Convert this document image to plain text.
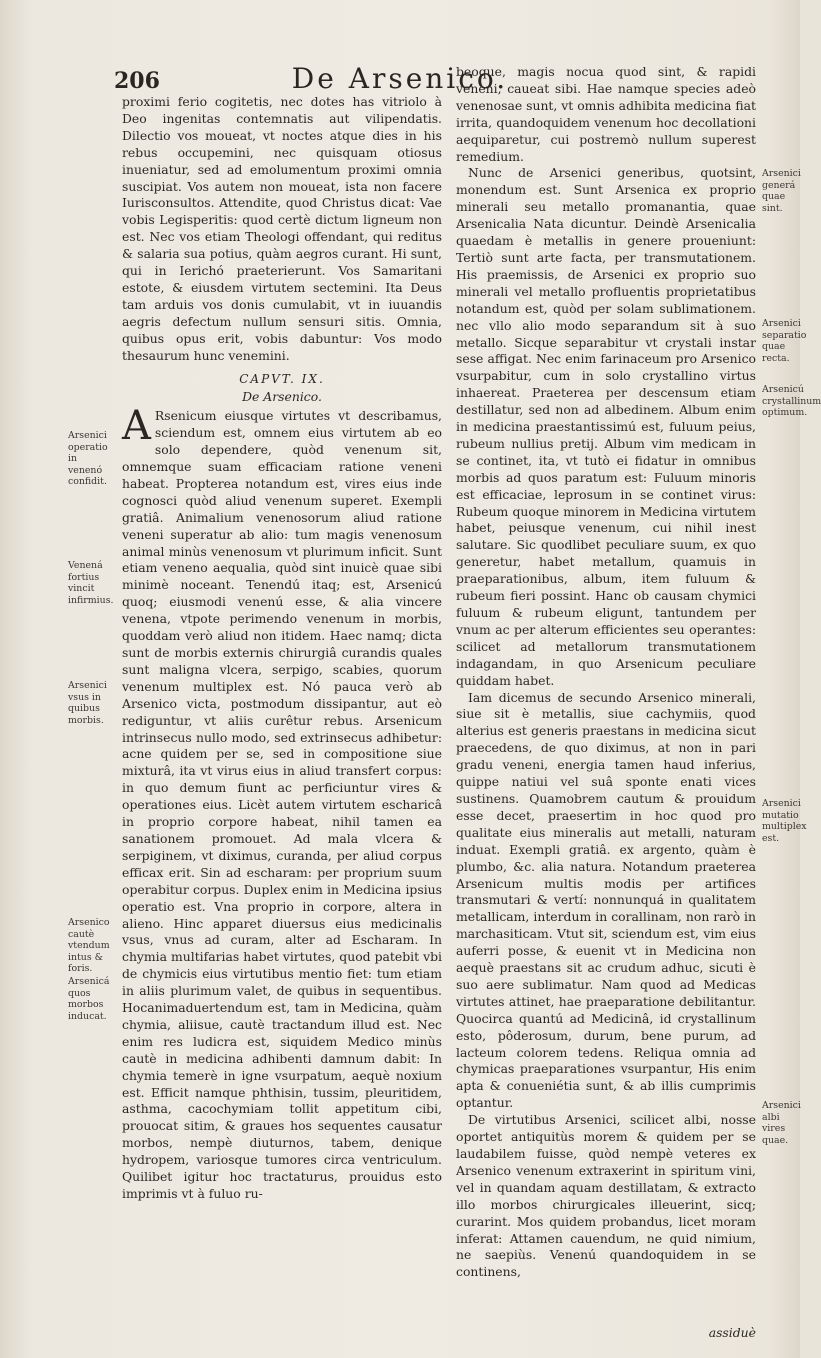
206	De Arsenico.

proximi ferio cogitetis, nec dotes has vitriolo à Deo ingenitas contemnatis aut vilipendatis. Dilectio vos moueat, vt noctes atque dies in his rebus occupemini, nec quisquam otiosus inueniatur, sed ad emolumentum proximi omnia suscipiat. Vos autem non moueat, ista non facere Iurisconsultos. Attendite, quod Christus dicat: Vae vobis Legisperitis: quod certè dictum ligneum non est. Nec vos etiam Theologi offendant, qui reditus & salaria sua potius, quàm aegros curant. Hi sunt, qui in Ierichó praeterierunt. Vos Samaritani estote, & eiusdem virtutem sectemini. Ita Deus tam arduis vos donis cumulabit, vt in iuuandis aegris defectum nullum sensuri sitis. Omnia, quibus opus erit, vobis dabuntur: Vos modo thesaurum hunc venemini.

CAPVT. IX.
De Arsenico.

A Rsenicum eiusque virtutes vt describamus, sciendum est, omnem eius virtutem ab eo solo dependere, quòd venenum sit, omnemque suam efficaciam ratione veneni habeat. Propterea notandum est, vires eius inde cognosci quòd aliud venenum superet. Exempli gratiâ. Animalium venenosorum aliud ratione veneni superatur ab alio: tum magis venenosum animal minùs venenosum vt plurimum inficit. Sunt etiam veneno aequalia, quòd sint inuicè quae sibi minimè noceant. Tenendú itaq; est, Arsenicú quoq; eiusmodi venenú esse, & alia vincere venena, vtpote perimendo venenum in morbis, quoddam verò aliud non itidem. Haec namq; dicta sunt de morbis externis chirurgiâ curandis quales sunt maligna vlcera, serpigo, scabies, quorum venenum multiplex est. Nó pauca verò ab Arsenico victa, postmodum dissipantur, aut eò rediguntur, vt aliis curêtur rebus. Arsenicum intrinsecus nullo modo, sed extrinsecus adhibetur: acne quidem per se, sed in compositione siue mixturâ, ita vt virus eius in aliud transfert corpus: in quo demum fiunt ac perficiuntur vires & operationes eius. Licèt autem virtutem escharicâ in proprio corpore habeat, nihil tamen ea sanationem promouet. Ad mala vlcera & serpiginem, vt diximus, curanda, per aliud corpus efficax erit. Sin ad escharam: per proprium suum operabitur corpus. Duplex enim in Medicina ipsius operatio est. Vna proprio in corpore, altera in alieno. Hinc apparet diuersus eius medicinalis vsus, vnus ad curam, alter ad Escharam. In chymia multifarias habet virtutes, quod patebit vbi de chymicis eius virtutibus mentio fiet: tum etiam in aliis plurimum valet, de quibus in sequentibus. Hocanimaduertendum est, tam in Medicina, quàm chymia, aliisue, cautè tractandum illud est. Nec enim res ludicra est, siquidem Medico minùs cautè in medicina adhibenti damnum dabit: In chymia temerè in igne vsurpatum, aequè noxium est. Efficit namque phthisin, tussim, pleuritidem, asthma, cacochymiam tollit appetitum cibi, prouocat sitim, & graues hos sequentes causatur morbos, nempè diuturnos, tabem, denique hydropem, variosque tumores circa ventriculum. Quilibet igitur hoc tractaturus, prouidus esto imprimis vt à fuluo ru-

beoque, magis nocua quod sint, & rapidi veneni, caueat sibi. Hae namque species adeò venenosae sunt, vt omnis adhibita medicina fiat irrita, quandoquidem venenum hoc decollationi aequiparetur, cui postremò nullum superest remedium.

Nunc de Arsenici generibus, quotsint, monendum est. Sunt Arsenica ex proprio minerali seu metallo promanantia, quae Arsenicalia Nata dicuntur. Deindè Arsenicalia quaedam è metallis in genere proueniunt: Tertiò sunt arte facta, per transmutationem. His praemissis, de Arsenici ex proprio suo minerali vel metallo profluentis proprietatibus notandum est, quòd per solam sublimationem. nec vllo alio modo separandum sit à suo metallo. Sicque separabitur vt crystali instar sese affigat. Nec enim farinaceum pro Arsenico vsurpabitur, cum in solo crystallino virtus inhaereat. Praeterea per descensum etiam destillatur, sed non ad albedinem. Album enim in medicina praestantissimú est, fuluum peius, rubeum nullius pretij. Album vim medicam in se continet, ita, vt tutò ei fidatur in omnibus morbis ad quos paratum est: Fuluum minoris est efficaciae, leprosum in se continet virus: Rubeum quoque minorem in Medicina virtutem habet, peiusque venenum, cui nihil inest salutare. Sic quodlibet peculiare suum, ex quo generetur, habet metallum, quamuis in praeparationibus, album, item fuluum & rubeum fieri possint. Hanc ob causam chymici fuluum & rubeum eligunt, tantundem per vnum ac per alterum efficientes seu operantes: scilicet ad metallorum transmutationem indagandam, in quo Arsenicum peculiare quiddam habet.

Iam dicemus de secundo Arsenico minerali, siue sit è metallis, siue cachymiis, quod alterius est generis praestans in medicina sicut praecedens, de quo diximus, at non in pari gradu veneni, energia tamen haud inferius, quippe natiui vel suâ sponte enati vices sustinens. Quamobrem cautum & prouidum esse decet, praesertim in hoc quod pro qualitate eius mineralis aut metalli, naturam induat. Exempli gratiâ. ex argento, quàm è plumbo, &c. alia natura. Notandum praeterea Arsenicum multis modis per artifices transmutari & vertí: nonnunquá in qualitatem metallicam, interdum in corallinam, non rarò in marchasiticam. Vtut sit, sciendum est, vim eius auferri posse, & euenit vt in Medicina non aequè praestans sit ac crudum adhuc, sicuti è suo aere sublimatur. Nam quod ad Medicas virtutes attinet, hae praeparatione debilitantur. Quocirca quantú ad Medicinâ, id crystallinum esto, pôderosum, durum, bene purum, ad lacteum colorem tedens. Reliqua omnia ad chymicas praeparationes vsurpantur, His enim apta & conueniétia sunt, & ab illis cumprimis optantur.

De virtutibus Arsenici, scilicet albi, nosse oportet antiquitùs morem & quidem per se laudabilem fuisse, quòd nempè veteres ex Arsenico venenum extraxerint in spiritum vini, vel in quandam aquam destillatam, & extracto illo morbos chirurgicales illeuerint, sicq; curarint. Mos quidem probandus, licet moram inferat: Attamen cauendum, ne quid nimium, ne saepiùs. Venenú quandoquidem in se continens,

assiduè
Arsenici operatio in venenó confidit.
Venená fortius vincit infirmius.
Arsenici vsus in quibus morbis.
Arsenico cautè vtendum intus & foris.
Arsenicá quos morbos inducat.
Arsenici generá quae sint.
Arsenici separatio quae recta.
Arsenicú crystallinum optimum.
Arsenici mutatio multiplex est.
Arsenici albi vires quae.
